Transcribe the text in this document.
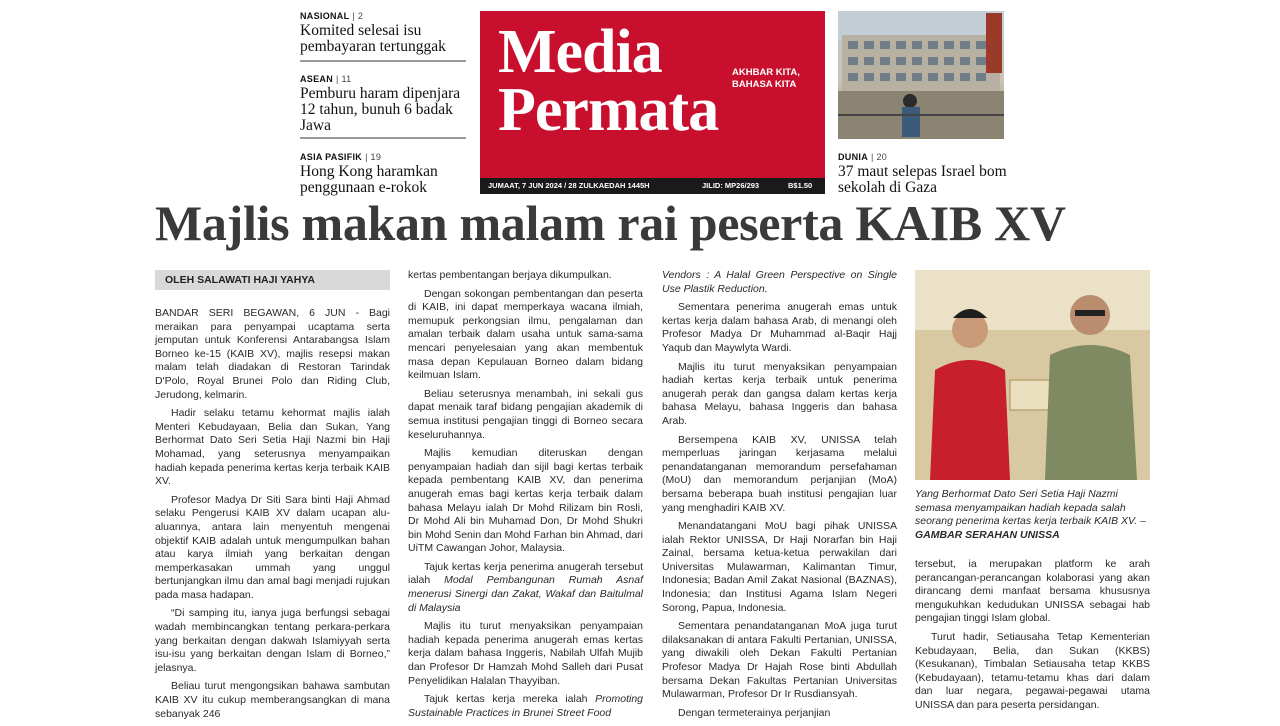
NASIONAL | 2
Komited selesai isu pembayaran tertunggak
ASEAN | 11
Pemburu haram dipenjara 12 tahun, bunuh 6 badak Jawa
ASIA PASIFIK | 19
Hong Kong haramkan penggunaan e-rokok
Media
Permata
AKHBAR KITA,
BAHASA KITA
JUMAAT, 7 JUN 2024 / 28 ZULKAEDAH 1445H	JILID: MP26/293	B$1.50
DUNIA | 20
37 maut selepas Israel bom sekolah di Gaza
Majlis makan malam rai peserta KAIB XV
OLEH SALAWATI HAJI YAHYA

BANDAR SERI BEGAWAN, 6 JUN - Bagi meraikan para penyampai ucaptama serta jemputan untuk Konferensi Antarabangsa Islam Borneo ke-15 (KAIB XV), majlis resepsi makan malam telah diadakan di Restoran Tarindak D'Polo, Royal Brunei Polo dan Riding Club, Jerudong, kelmarin.

Hadir selaku tetamu kehormat majlis ialah Menteri Kebudayaan, Belia dan Sukan, Yang Berhormat Dato Seri Setia Haji Nazmi bin Haji Mohamad, yang seterusnya menyampaikan hadiah kepada penerima kertas kerja terbaik KAIB XV.

Profesor Madya Dr Siti Sara binti Haji Ahmad selaku Pengerusi KAIB XV dalam ucapan alu-aluannya, antara lain menyentuh mengenai objektif KAIB adalah untuk mengumpulkan bahan atau karya ilmiah yang berkaitan dengan memperkasakan ummah yang unggul bertunjangkan ilmu dan amal bagi menjadi rujukan pada masa hadapan.

“Di samping itu, ianya juga berfungsi sebagai wadah membincangkan tentang perkara-perkara yang berkaitan dengan dakwah Islamiyyah serta isu-isu yang berkaitan dengan Islam di Borneo,” jelasnya.

Beliau turut mengongsikan bahawa sambutan KAIB XV itu cukup memberangsangkan di mana sebanyak 246

kertas pembentangan berjaya dikumpulkan.

Dengan sokongan pembentangan dan peserta di KAIB, ini dapat memperkaya wacana ilmiah, memupuk perkongsian ilmu, pengalaman dan amalan terbaik dalam usaha untuk sama-sama mencari penyelesaian yang akan membentuk masa depan Kepulauan Borneo dalam bidang keilmuan Islam.

Beliau seterusnya menambah, ini sekali gus dapat menaik taraf bidang pengajian akademik di semua institusi pengajian tinggi di Borneo secara keseluruhannya.

Majlis kemudian diteruskan dengan penyampaian hadiah dan sijil bagi kertas terbaik kepada pembentang KAIB XV, dan penerima anugerah emas bagi kertas kerja terbaik dalam bahasa Melayu ialah Dr Mohd Rilizam bin Rosli, Dr Mohd Ali bin Muhamad Don, Dr Mohd Shukri bin Mohd Senin dan Mohd Farhan bin Ahmad, dari UiTM Cawangan Johor, Malaysia.

Tajuk kertas kerja penerima anugerah tersebut ialah Modal Pembangunan Rumah Asnaf menerusi Sinergi dan Zakat, Wakaf dan Baitulmal di Malaysia

Majlis itu turut menyaksikan penyampaian hadiah kepada penerima anugerah emas kertas kerja dalam bahasa Inggeris, Nabilah Ulfah Mujib dan Profesor Dr Hamzah Mohd Salleh dari Pusat Penyelidikan Halalan Thayyiban.

Tajuk kertas kerja mereka ialah Promoting Sustainable Practices in Brunei Street Food

Vendors : A Halal Green Perspective on Single Use Plastik Reduction.

Sementara penerima anugerah emas untuk kertas kerja dalam bahasa Arab, di menangi oleh Profesor Madya Dr Muhammad al-Baqir Hajj Yaqub dan Maywlyta Wardi.

Majlis itu turut menyaksikan penyampaian hadiah kertas kerja terbaik untuk penerima anugerah perak dan gangsa dalam kertas kerja bahasa Melayu, bahasa Inggeris dan bahasa Arab.

Bersempena KAIB XV, UNISSA telah memperluas jaringan kerjasama melalui penandatanganan memorandum persefahaman (MoU) dan memorandum perjanjian (MoA) bersama beberapa buah institusi pengajian luar yang menghadiri KAIB XV.

Menandatangani MoU bagi pihak UNISSA ialah Rektor UNISSA, Dr Haji Norarfan bin Haji Zainal, bersama ketua-ketua perwakilan dari Universitas Mulawarman, Kalimantan Timur, Indonesia; Badan Amil Zakat Nasional (BAZNAS), Indonesia; dan Institusi Agama Islam Negeri Sorong, Papua, Indonesia.

Sementara penandatanganan MoA juga turut dilaksanakan di antara Fakulti Pertanian, UNISSA, yang diwakili oleh Dekan Fakulti Pertanian Profesor Madya Dr Hajah Rose binti Abdullah bersama Dekan Fakultas Pertanian Universitas Mulawarman, Profesor Dr Ir Rusdiansyah.

Dengan termeterainya perjanjian

Yang Berhormat Dato Seri Setia Haji Nazmi semasa menyampaikan hadiah kepada salah seorang penerima kertas kerja terbaik KAIB XV. – GAMBAR SERAHAN UNISSA

tersebut, ia merupakan platform ke arah perancangan-perancangan kolaborasi yang akan dirancang demi manfaat bersama khususnya mengukuhkan kedudukan UNISSA sebagai hab pengajian tinggi Islam global.

Turut hadir, Setiausaha Tetap Kementerian Kebudayaan, Belia, dan Sukan (KKBS) (Kesukanan), Timbalan Setiausaha tetap KKBS (Kebudayaan), tetamu-tetamu khas dari dalam dan luar negara, pegawai-pegawai utama UNISSA dan para peserta persidangan.
